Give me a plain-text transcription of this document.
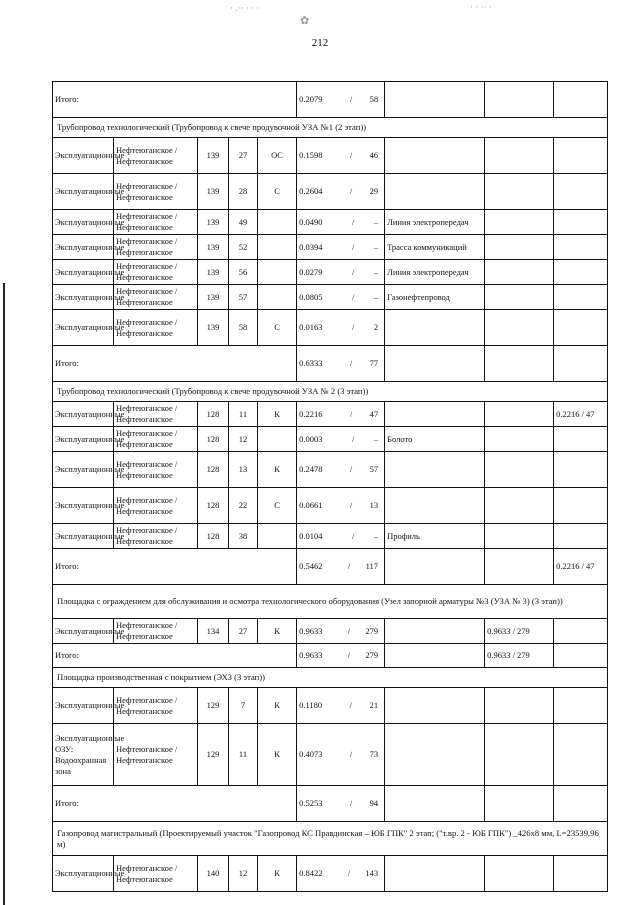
· .·· · · ·
✿
· · ·· ·
212
Итого:					0.2079 / 58

Трубопровод технологический (Трубопровод к свече продувочной УЗА №1 (2 этап))									
Эксплуатационные	Нефтеюганское / Нефтеюганское	139	27	ОС	0.1598 / 46

Эксплуатационные	Нефтеюганское / Нефтеюганское	139	28	С	0.2604 / 29

Эксплуатационные	Нефтеюганское / Нефтеюганское	139	49		0.0490 / –	Линия электропередач			
Эксплуатационные	Нефтеюганское / Нефтеюганское	139	52		0.0394 / –	Трасса коммуникаций			
Эксплуатационные	Нефтеюганское / Нефтеюганское	139	56		0.0279 / –	Линия электропередач			
Эксплуатационные	Нефтеюганское / Нефтеюганское	139	57		0.0805 / –	Газонефтепровод			
Эксплуатационные	Нефтеюганское / Нефтеюганское	139	58	С	0.0163 / 2

Итого:					0.6333 / 77

Трубопровод технологический (Трубопровод к свече продувочной УЗА № 2 (3 этап))									
Эксплуатационные	Нефтеюганское / Нефтеюганское	128	11	К	0.2216 / 47			0.2216 / 47	
Эксплуатационные	Нефтеюганское / Нефтеюганское	128	12		0.0003 / –	Болото			
Эксплуатационные	Нефтеюганское / Нефтеюганское	128	13	К	0.2478 / 57

Эксплуатационные	Нефтеюганское / Нефтеюганское	128	22	С	0.0661 / 13

Эксплуатационные	Нефтеюганское / Нефтеюганское	128	38		0.0104 / –	Профиль			
Итого:					0.5462 / 117			0.2216 / 47	
Площадка с ограждением для обслуживания и осмотра технологического оборудования (Узел запорной арматуры №3 (УЗА № 3) (3 этап))									
Эксплуатационные	Нефтеюганское / Нефтеюганское	134	27	К	0.9633 / 279		0.9633 / 279		
Итого:					0.9633 / 279		0.9633 / 279		
Площадка производственная с покрытием (ЭХЗ (3 этап))									
Эксплуатационные	Нефтеюганское / Нефтеюганское	129	7	К	0.1180 / 21

Эксплуатационные ОЗУ: Водоохранная зона	Нефтеюганское / Нефтеюганское	129	11	К	0.4073 / 73

Итого:					0.5253 / 94

Газопровод магистральный (Проектируемый участок "Газопровод КС Правдинская – ЮБ ГПК" 2 этап; ("т.вр. 2 - ЮБ ГПК") _426х8 мм, L=23539,96 м)									
Эксплуатационные	Нефтеюганское / Нефтеюганское	140	12	К	0.8422 / 143
